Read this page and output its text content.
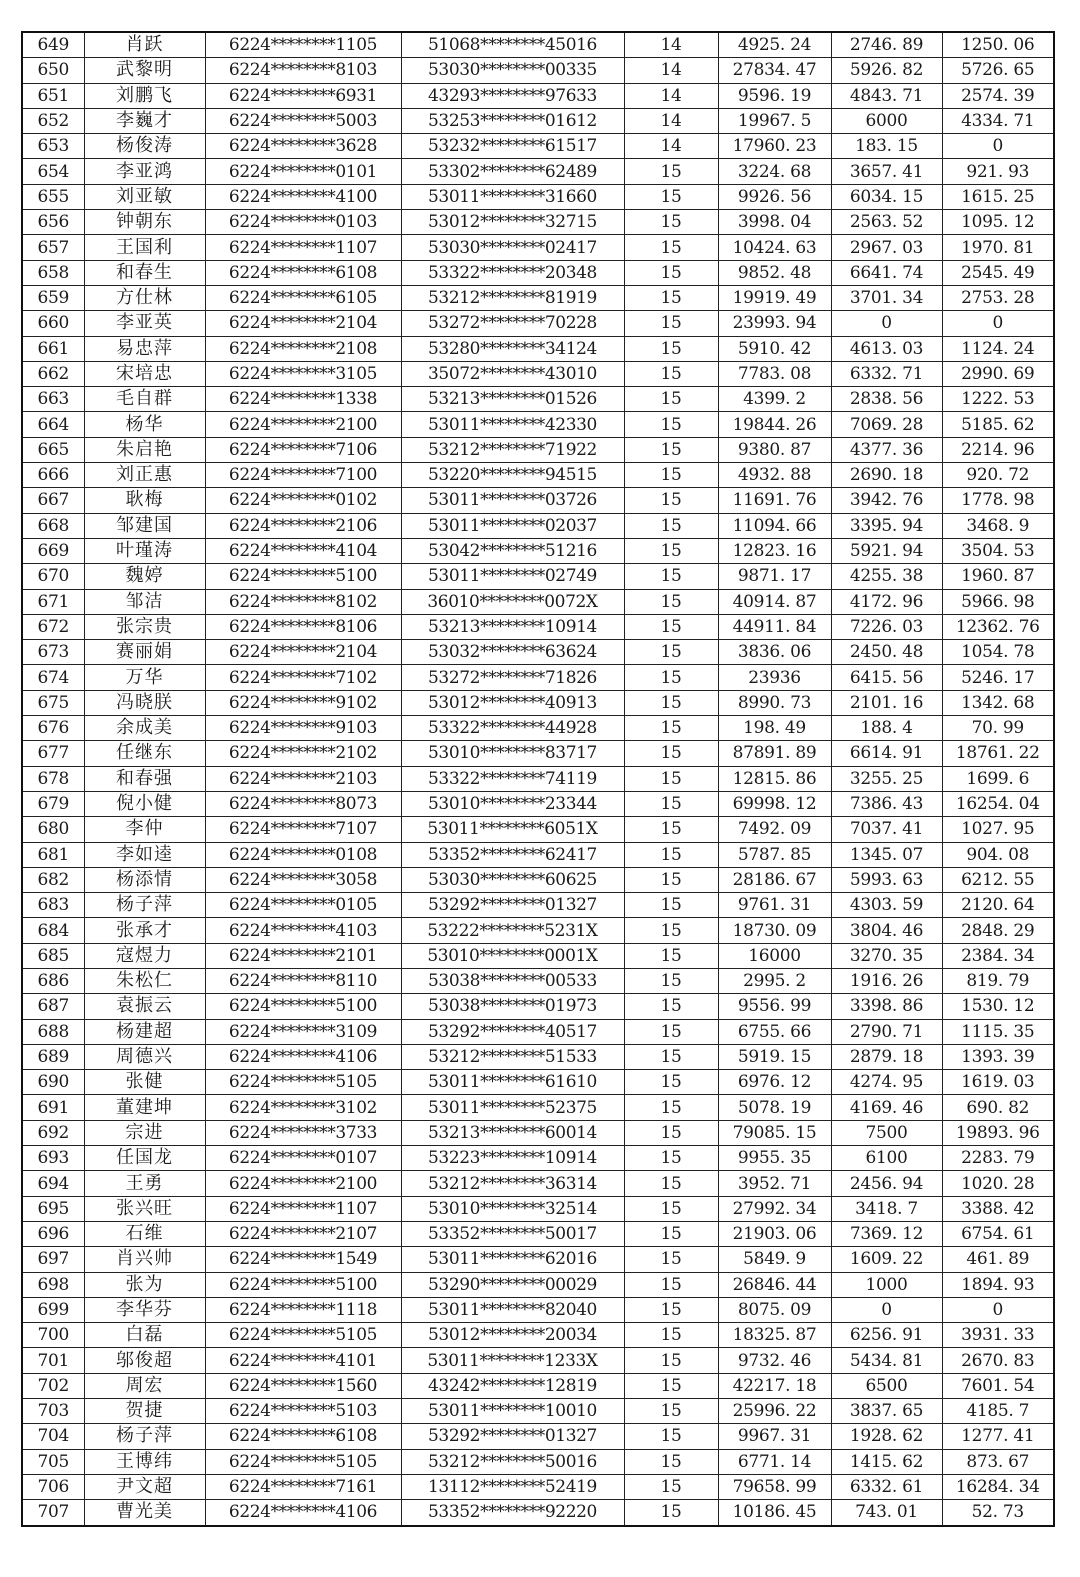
649	肖跃	6224********1105	51068********45016	14	4925. 24	2746. 89	1250. 06
650	武黎明	6224********8103	53030********00335	14	27834. 47	5926. 82	5726. 65
651	刘鹏飞	6224********6931	43293********97633	14	9596. 19	4843. 71	2574. 39
652	李巍才	6224********5003	53253********01612	14	19967. 5	6000	4334. 71
653	杨俊涛	6224********3628	53232********61517	14	17960. 23	183. 15	0
654	李亚鸿	6224********0101	53302********62489	15	3224. 68	3657. 41	921. 93
655	刘亚敏	6224********4100	53011********31660	15	9926. 56	6034. 15	1615. 25
656	钟朝东	6224********0103	53012********32715	15	3998. 04	2563. 52	1095. 12
657	王国利	6224********1107	53030********02417	15	10424. 63	2967. 03	1970. 81
658	和春生	6224********6108	53322********20348	15	9852. 48	6641. 74	2545. 49
659	方仕林	6224********6105	53212********81919	15	19919. 49	3701. 34	2753. 28
660	李亚英	6224********2104	53272********70228	15	23993. 94	0	0
661	易忠萍	6224********2108	53280********34124	15	5910. 42	4613. 03	1124. 24
662	宋培忠	6224********3105	35072********43010	15	7783. 08	6332. 71	2990. 69
663	毛自群	6224********1338	53213********01526	15	4399. 2	2838. 56	1222. 53
664	杨华	6224********2100	53011********42330	15	19844. 26	7069. 28	5185. 62
665	朱启艳	6224********7106	53212********71922	15	9380. 87	4377. 36	2214. 96
666	刘正惠	6224********7100	53220********94515	15	4932. 88	2690. 18	920. 72
667	耿梅	6224********0102	53011********03726	15	11691. 76	3942. 76	1778. 98
668	邹建国	6224********2106	53011********02037	15	11094. 66	3395. 94	3468. 9
669	叶瑾涛	6224********4104	53042********51216	15	12823. 16	5921. 94	3504. 53
670	魏婷	6224********5100	53011********02749	15	9871. 17	4255. 38	1960. 87
671	邹洁	6224********8102	36010********0072X	15	40914. 87	4172. 96	5966. 98
672	张宗贵	6224********8106	53213********10914	15	44911. 84	7226. 03	12362. 76
673	赛丽娟	6224********2104	53032********63624	15	3836. 06	2450. 48	1054. 78
674	万华	6224********7102	53272********71826	15	23936	6415. 56	5246. 17
675	冯晓朕	6224********9102	53012********40913	15	8990. 73	2101. 16	1342. 68
676	余成美	6224********9103	53322********44928	15	198. 49	188. 4	70. 99
677	任继东	6224********2102	53010********83717	15	87891. 89	6614. 91	18761. 22
678	和春强	6224********2103	53322********74119	15	12815. 86	3255. 25	1699. 6
679	倪小健	6224********8073	53010********23344	15	69998. 12	7386. 43	16254. 04
680	李仲	6224********7107	53011********6051X	15	7492. 09	7037. 41	1027. 95
681	李如逵	6224********0108	53352********62417	15	5787. 85	1345. 07	904. 08
682	杨添情	6224********3058	53030********60625	15	28186. 67	5993. 63	6212. 55
683	杨子萍	6224********0105	53292********01327	15	9761. 31	4303. 59	2120. 64
684	张承才	6224********4103	53222********5231X	15	18730. 09	3804. 46	2848. 29
685	寇煜力	6224********2101	53010********0001X	15	16000	3270. 35	2384. 34
686	朱松仁	6224********8110	53038********00533	15	2995. 2	1916. 26	819. 79
687	袁振云	6224********5100	53038********01973	15	9556. 99	3398. 86	1530. 12
688	杨建超	6224********3109	53292********40517	15	6755. 66	2790. 71	1115. 35
689	周德兴	6224********4106	53212********51533	15	5919. 15	2879. 18	1393. 39
690	张健	6224********5105	53011********61610	15	6976. 12	4274. 95	1619. 03
691	董建坤	6224********3102	53011********52375	15	5078. 19	4169. 46	690. 82
692	宗进	6224********3733	53213********60014	15	79085. 15	7500	19893. 96
693	任国龙	6224********0107	53223********10914	15	9955. 35	6100	2283. 79
694	王勇	6224********2100	53212********36314	15	3952. 71	2456. 94	1020. 28
695	张兴旺	6224********1107	53010********32514	15	27992. 34	3418. 7	3388. 42
696	石维	6224********2107	53352********50017	15	21903. 06	7369. 12	6754. 61
697	肖兴帅	6224********1549	53011********62016	15	5849. 9	1609. 22	461. 89
698	张为	6224********5100	53290********00029	15	26846. 44	1000	1894. 93
699	李华芬	6224********1118	53011********82040	15	8075. 09	0	0
700	白磊	6224********5105	53012********20034	15	18325. 87	6256. 91	3931. 33
701	邬俊超	6224********4101	53011********1233X	15	9732. 46	5434. 81	2670. 83
702	周宏	6224********1560	43242********12819	15	42217. 18	6500	7601. 54
703	贺捷	6224********5103	53011********10010	15	25996. 22	3837. 65	4185. 7
704	杨子萍	6224********6108	53292********01327	15	9967. 31	1928. 62	1277. 41
705	王博纬	6224********5105	53212********50016	15	6771. 14	1415. 62	873. 67
706	尹文超	6224********7161	13112********52419	15	79658. 99	6332. 61	16284. 34
707	曹光美	6224********4106	53352********92220	15	10186. 45	743. 01	52. 73
